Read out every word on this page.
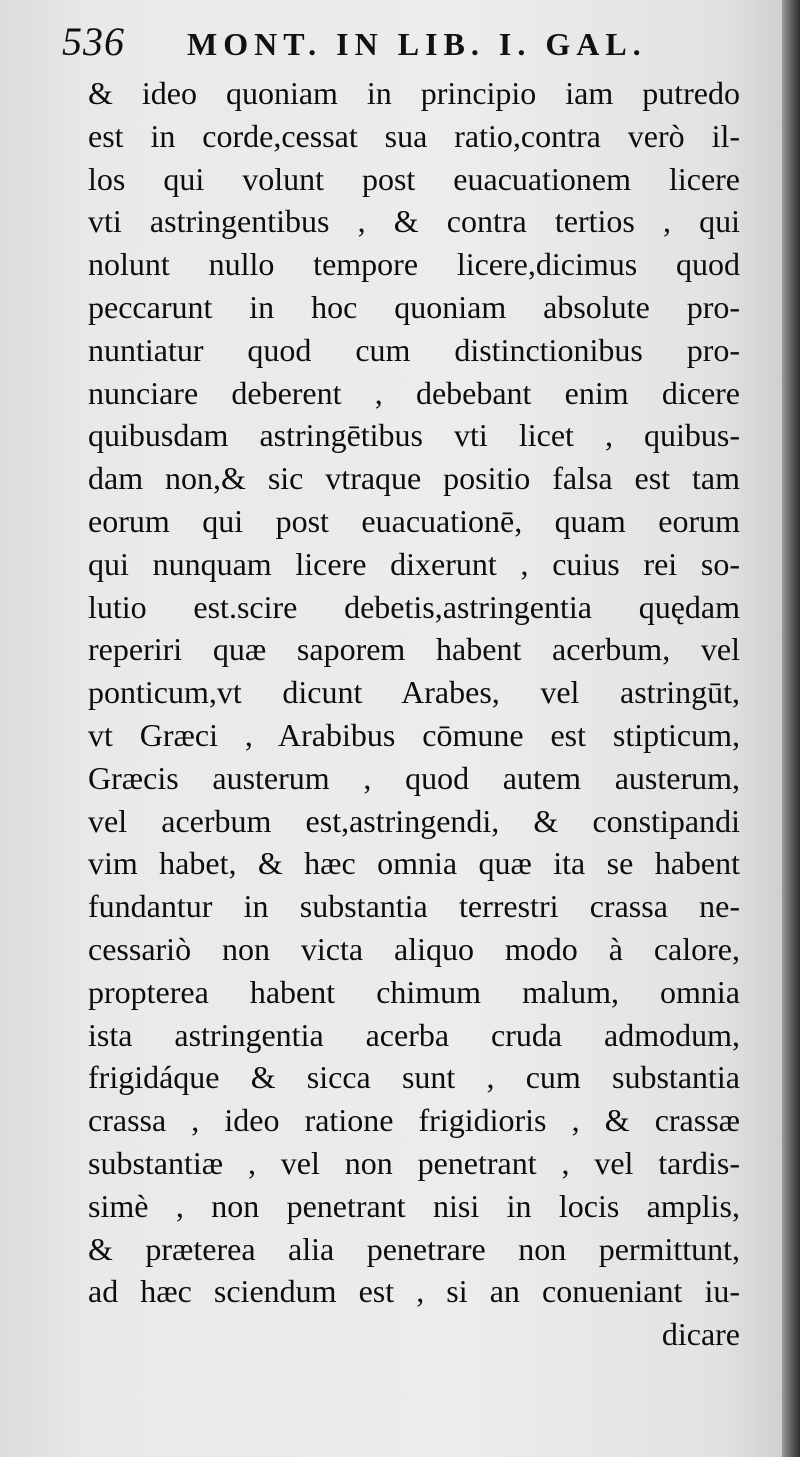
536 MONT. IN LIB. I. GAL.
& ideo quoniam in principio iam putredo
est in corde,cessat sua ratio,contra verò il-
los qui volunt post euacuationem licere
vti astringentibus , & contra tertios , qui
nolunt nullo tempore licere,dicimus quod
peccarunt in hoc quoniam absolute pro-
nuntiatur quod cum distinctionibus pro-
nunciare deberent , debebant enim dicere
quibusdam astringētibus vti licet , quibus-
dam non,& sic vtraque positio falsa est tam
eorum qui post euacuationē, quam eorum
qui nunquam licere dixerunt , cuius rei so-
lutio est.scire debetis,astringentia quędam
reperiri quæ saporem habent acerbum, vel
ponticum,vt dicunt Arabes, vel astringūt,
vt Græci , Arabibus cōmune est stipticum,
Græcis austerum , quod autem austerum,
vel acerbum est,astringendi, & constipandi
vim habet, & hæc omnia quæ ita se habent
fundantur in substantia terrestri crassa ne-
cessariò non victa aliquo modo à calore,
propterea habent chimum malum, omnia
ista astringentia acerba cruda admodum,
frigidáque & sicca sunt , cum substantia
crassa , ideo ratione frigidioris , & crassæ
substantiæ , vel non penetrant , vel tardis-
simè , non penetrant nisi in locis amplis,
& præterea alia penetrare non permittunt,
ad hæc sciendum est , si an conueniant iu-
dicare
